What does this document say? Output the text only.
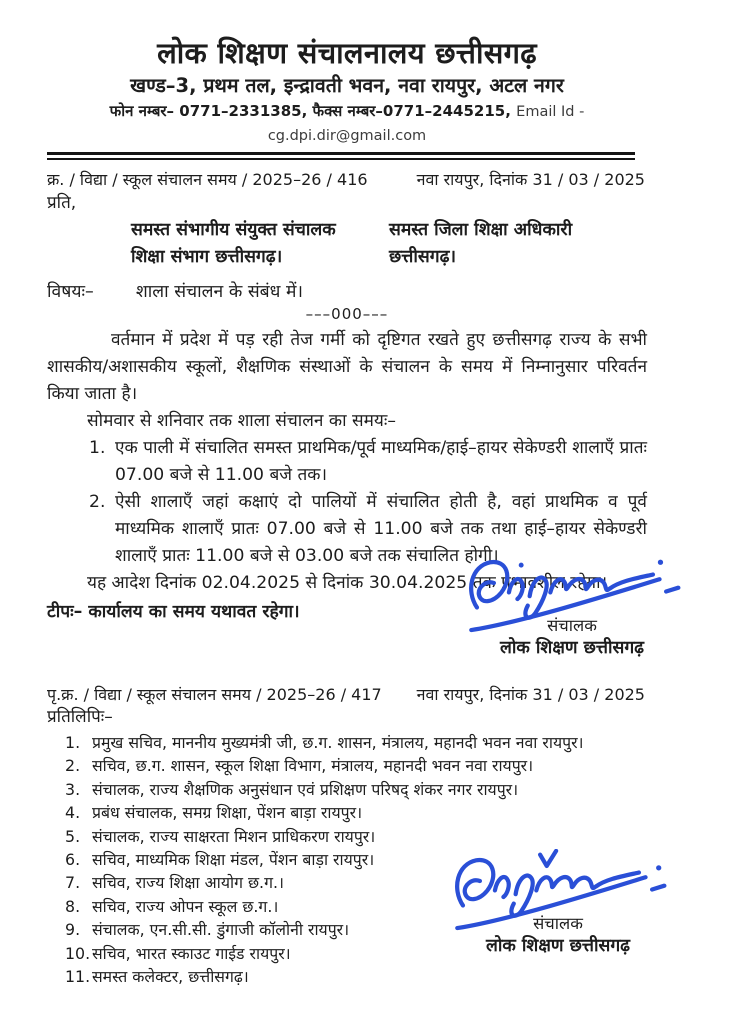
लोक शिक्षण संचालनालय छत्तीसगढ़
खण्ड–3, प्रथम तल, इन्द्रावती भवन, नवा रायपुर, अटल नगर
फोन नम्बर– 0771–2331385, फैक्स नम्बर–0771–2445215, Email Id - cg.dpi.dir@gmail.com
क्र. / विद्या / स्कूल संचालन समय / 2025–26 / 416	नवा रायपुर, दिनांक 31 / 03 / 2025
प्रति,
समस्त संभागीय संयुक्त संचालक
शिक्षा संभाग छत्तीसगढ़।
समस्त जिला शिक्षा अधिकारी
छत्तीसगढ़।
विषयः– शाला संचालन के संबंध में।
–––000–––
वर्तमान में प्रदेश में पड़ रही तेज गर्मी को दृष्टिगत रखते हुए छत्तीसगढ़ राज्य के सभी शासकीय/अशासकीय स्कूलों, शैक्षणिक संस्थाओं के संचालन के समय में निम्नानुसार परिवर्तन किया जाता है।
सोमवार से शनिवार तक शाला संचालन का समयः–
एक पाली में संचालित समस्त प्राथमिक/पूर्व माध्यमिक/हाई–हायर सेकेण्डरी शालाएँ प्रातः 07.00 बजे से 11.00 बजे तक।
ऐसी शालाएँ जहां कक्षाएं दो पालियों में संचालित होती है, वहां प्राथमिक व पूर्व माध्यमिक शालाएँ प्रातः 07.00 बजे से 11.00 बजे तक तथा हाई–हायर सेकेण्डरी शालाएँ प्रातः 11.00 बजे से 03.00 बजे तक संचालित होगी।
यह आदेश दिनांक 02.04.2025 से दिनांक 30.04.2025 तक प्रभावशील रहेगा।
टीपः– कार्यालय का समय यथावत रहेगा।
पृ.क्र. / विद्या / स्कूल संचालन समय / 2025–26 / 417 नवा रायपुर, दिनांक 31 / 03 / 2025
प्रतिलिपिः–
प्रमुख सचिव, माननीय मुख्यमंत्री जी, छ.ग. शासन, मंत्रालय, महानदी भवन नवा रायपुर।
सचिव, छ.ग. शासन, स्कूल शिक्षा विभाग, मंत्रालय, महानदी भवन नवा रायपुर।
संचालक, राज्य शैक्षणिक अनुसंधान एवं प्रशिक्षण परिषद् शंकर नगर रायपुर।
प्रबंध संचालक, समग्र शिक्षा, पेंशन बाड़ा रायपुर।
संचालक, राज्य साक्षरता मिशन प्राधिकरण रायपुर।
सचिव, माध्यमिक शिक्षा मंडल, पेंशन बाड़ा रायपुर।
सचिव, राज्य शिक्षा आयोग छ.ग.।
सचिव, राज्य ओपन स्कूल छ.ग.।
संचालक, एन.सी.सी. डुंगाजी कॉलोनी रायपुर।
सचिव, भारत स्काउट गाईड रायपुर।
समस्त कलेक्टर, छत्तीसगढ़।
संचालक
लोक शिक्षण छत्तीसगढ़
संचालक
लोक शिक्षण छत्तीसगढ़
